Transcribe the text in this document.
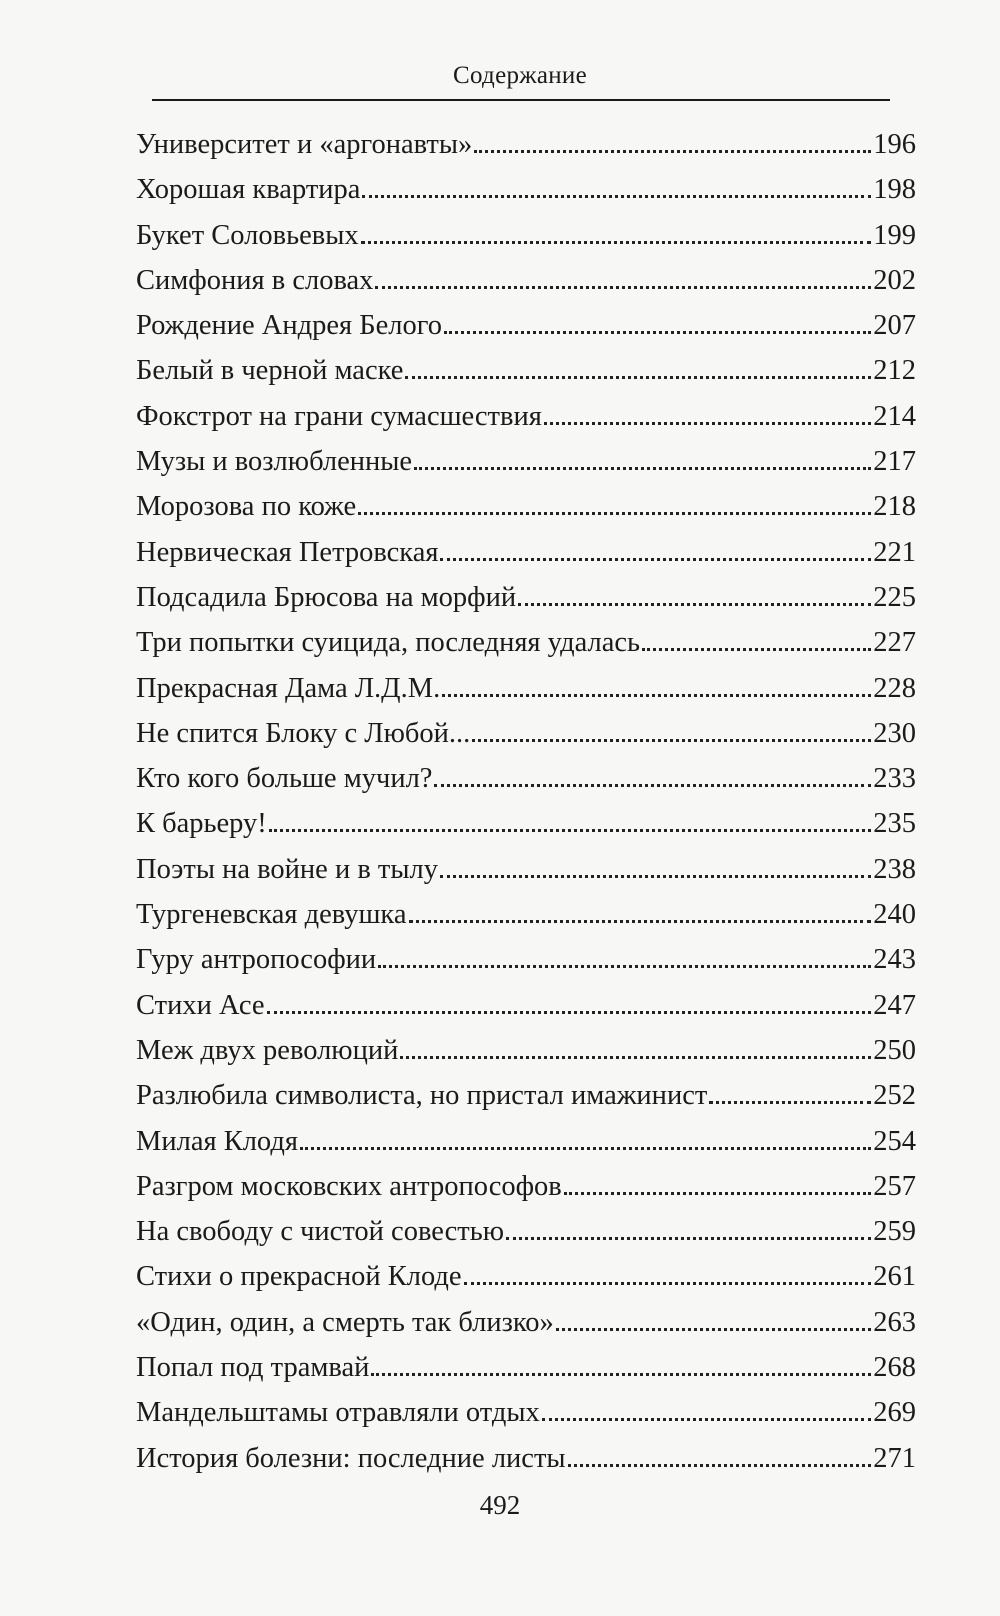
Содержание
Университет и «аргонавты»	196
Хорошая квартира	198
Букет Соловьевых	199
Симфония в словах	202
Рождение Андрея Белого	207
Белый в черной маске	212
Фокстрот на грани сумасшествия	214
Музы и возлюбленные	217
Морозова по коже	218
Нервическая Петровская	221
Подсадила Брюсова на морфий	225
Три попытки суицида, последняя удалась	227
Прекрасная Дама Л.Д.М.	228
Не спится Блоку с Любой...	230
Кто кого больше мучил?	233
К барьеру!	235
Поэты на войне и в тылу	238
Тургеневская девушка	240
Гуру антропософии	243
Стихи Асе	247
Меж двух революций	250
Разлюбила символиста, но пристал имажинист	252
Милая Клодя	254
Разгром московских антропософов	257
На свободу с чистой совестью	259
Стихи о прекрасной Клоде	261
«Один, один, а смерть так близко»	263
Попал под трамвай	268
Мандельштамы отравляли отдых	269
История болезни: последние листы	271
492
